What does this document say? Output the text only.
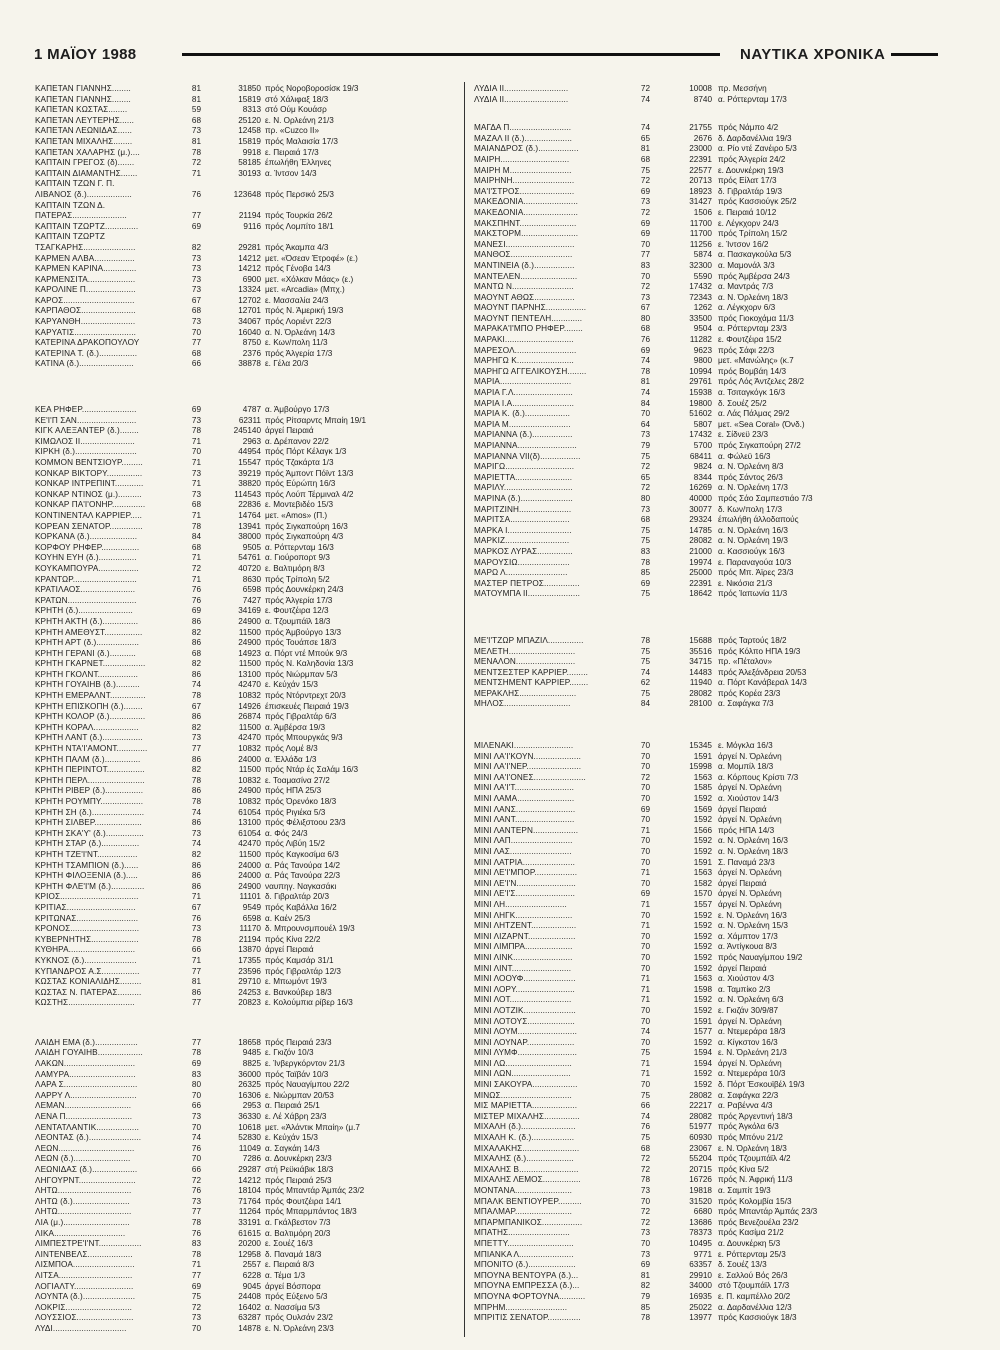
1 ΜΑΪΟΥ 1988	ΝΑΥΤΙΚΑ ΧΡΟΝΙΚΑ
ΚΑΠΕΤΑΝ ΓΙΑΝΝΗΣ........	81	31850 πρός Νοροβοροσίσκ 19/3
ΚΑΠΕΤΑΝ ΓΙΑΝΝΗΣ........	81	15819 στό Χάλιφαξ 18/3
ΚΑΠΕΤΑΝ ΚΩΣΤΑΣ........	59	8313 στό Ούμ Κουάσρ
ΚΑΠΕΤΑΝ ΛΕΥΤΕΡΗΣ......	68	25120 ε. Ν. Ορλεάνη 21/3
ΚΑΠΕΤΑΝ ΛΕΩΝΙΔΑΣ......	73	12458 πρ. «Cuzco II»
ΚΑΠΕΤΑΝ ΜΙΧΑΛΗΣ........	81	15819 πρός Μαλαισία 17/3
ΚΑΠΕΤΑΝ ΧΑΛΑΡΗΣ (μ.)....	78	9918 ε. Πειραιά 17/3
ΚΑΠΤΑΙΝ ΓΡΕΓΟΣ (δ).......	72	58185 έπωλήθη Έλληνες
ΚΑΠΤΑΙΝ ΔΙΑΜΑΝΤΗΣ.......	71	30193 α. Ίντσον 14/3
ΚΑΠΤΑΙΝ ΤΖΩΝ Γ. Π.
ΛΙΒΑΝΟΣ (δ.)...................	76	123648 πρός Περσικό 25/3
ΚΑΠΤΑΙΝ ΤΖΩΝ Δ.
ΠΑΤΕΡΑΣ.......................	77	21194 πρός Τουρκία 26/2
ΚΑΠΤΑΙΝ ΤΖΩΡΤΖ..............	69	9116 πρός Λομπίτο 18/1
ΚΑΠΤΑΙΝ ΤΖΩΡΤΖ
ΤΣΑΓΚΑΡΗΣ......................	82	29281 πρός Άκαμπα 4/3
ΚΑΡΜΕΝ ΑΛΒΑ.................	73	14212 μετ. «Όσεαν Έτροφέ» (ε.)
ΚΑΡΜΕΝ ΚΑΡΙΝΑ..............	73	14212 πρός Γένοβα 14/3
ΚΑΡΜΕΝΣΙΤΑ....................	73	6900 μετ. «Χόλκαν Μάας» (ε.)
ΚΑΡΟΛΙΝΕ Π.....................	73	13324 μετ. «Arcadia» (Μπχ.)
ΚΑΡΟΣ..............................	67	12702 ε. Μασσαλία 24/3
ΚΑΡΠΑΘΟΣ.......................	68	12701 πρός Ν. Άμερική 19/3
ΚΑΡΥΑΝΘΗ.......................	73	34067 πρός Λοριέντ 22/3
ΚΑΡΥΑΤΙΣ..........................	70	16040 α. Ν. Όρλεάνη 14/3
ΚΑΤΕΡΙΝΑ ΔΡΑΚΟΠΟΥΛΟΥ	77	8750 ε. Κων/πολη 11/3
ΚΑΤΕΡΙΝΑ Τ. (δ.)................	68	2376 πρός Άλγερία 17/3
ΚΑΤΙΝΑ (δ.).......................	66	38878 ε. Γέλα 20/3
ΚΕΑ ΡΗΦΕΡ.......................	69	4787 α. Άμβούργο 17/3
ΚΕ'Ι'Π ΣΑΝ.........................	73	62311 πρός Ρίτσαρντς Μπαίη 19/1
ΚΙΓΚ ΑΛΕΞΑΝΤΕΡ (δ.)........	78	245140 άργεί Πειραιά
ΚΙΜΩΛΟΣ ΙΙ.......................	71	2963 α. Δρέπανον 22/2
ΚΙΡΚΗ (δ.)..........................	70	44954 πρός Πόρτ Κέλαγκ 1/3
ΚΟΜΜΟΝ ΒΕΝΤΣΙΟΥΡ.........	71	15547 πρός Τζακάρτα 1/3
ΚΟΝΚΑΡ ΒΙΚΤΟΡΥ...............	73	39219 πρός Άμποντ Πόϊντ 13/3
ΚΟΝΚΑΡ ΙΝΤΡΕΠΙΝΤ............	71	38820 πρός Εύρώπη 16/3
ΚΟΝΚΑΡ ΝΤΙΝΟΣ (μ.)..........	73	114543 πρός Λούπ Τέρμιναλ 4/2
ΚΟΝΚΑΡ ΠΑ'Ι'ΟΝΗΡ..............	68	22836 ε. Μοντεβιδέο 15/3
ΚΟΝΤΙΝΕΝΤΑΛ ΚΑΡΡΙΕΡ.....	71	14764 μετ. «Amos» (Π.)
ΚΟΡΕΑΝ ΣΕΝΑΤΟΡ..............	78	13941 πρός Σιγκαπούρη 16/3
ΚΟΡΚΑΝΑ (δ.)....................	84	38000 πρός Σιγκαπούρη 4/3
ΚΟΡΦΟΥ ΡΗΦΕΡ................	68	9505 α. Ρόττερνταμ 16/3
ΚΟΥΗΝ ΕΥΗ (δ.)................	71	54761 α. Γιούροπορτ 9/3
ΚΟΥΚΑΜΠΟΥΡΑ.................	72	40720 ε. Βαλτιμόρη 8/3
ΚΡΑΝΤΩΡ...........................	71	8630 πρός Τρίπολη 5/2
ΚΡΑΤΙΛΑΟΣ.......................	76	6598 πρός Δουνκέρκη 24/3
ΚΡΑΤΩΝ.............................	76	7427 πρός Άλγερία 17/3
ΚΡΗΤΗ (δ.).......................	69	34169 ε. Φουτζέιρα 12/3
ΚΡΗΤΗ ΑΚΤΗ (δ.)...............	86	24900 α. Τζουμπάϊλ 18/3
ΚΡΗΤΗ ΑΜΕΘΥΣΤ................	82	11500 πρός Άμβούργο 13/3
ΚΡΗΤΗ ΑΡΤ (δ.)..................	86	24900 πρός Τουάπσε 18/3
ΚΡΗΤΗ ΓΕΡΑΝΙ (δ.)...........	68	14923 α. Πόρτ ντέ Μπούκ 9/3
ΚΡΗΤΗ ΓΚΑΡΝΕΤ..................	82	11500 πρός Ν. Καληδονία 13/3
ΚΡΗΤΗ ΓΚΟΛΝΤ.................	86	13100 πρός Νιώρμπαν 5/3
ΚΡΗΤΗ ΓΟΥΑΙΗΒ (δ.)..........	74	42470 ε. Κεύχάν 15/3
ΚΡΗΤΗ ΕΜΕΡΑΛΝΤ...............	78	10832 πρός Ντόρντρεχτ 20/3
ΚΡΗΤΗ ΕΠΙΣΚΟΠΗ (δ.)........	67	14926 έπισκευές Πειραιά 19/3
ΚΡΗΤΗ ΚΟΛΟΡ (δ.)...............	86	26874 πρός Γιβραλτάρ 6/3
ΚΡΗΤΗ ΚΟΡΑΛ...................	82	11500 α. Άμβέρσα 19/3
ΚΡΗΤΗ ΛΑΝΤ (δ.).................	73	42470 πρός Μπουργκάς 9/3
ΚΡΗΤΗ ΝΤΑ'Ι'ΑΜΟΝΤ.............	77	10832 πρός Λομέ 8/3
ΚΡΗΤΗ ΠΑΛΜ (δ.)...............	86	24000 α. Έλλάδα 1/3
ΚΡΗΤΗ ΠΕΡΙΝΤΟΤ................	82	11500 πρός Ντάρ ές Σαλάμ 16/3
ΚΡΗΤΗ ΠΕΡΛ........................	78	10832 ε. Τοαμασίνα 27/2
ΚΡΗΤΗ ΡΙΒΕΡ (δ.)................	86	24900 πρός ΗΠΑ 25/3
ΚΡΗΤΗ ΡΟΥΜΠΥ..................	78	10832 πρός Όρενόκο 18/3
ΚΡΗΤΗ ΣΗ (δ.)......................	74	61054 πρός Ριγιέκα 5/3
ΚΡΗΤΗ ΣΙΛΒΕΡ....................	86	13100 πρός Φέλιξστοου 23/3
ΚΡΗΤΗ ΣΚΑ'Υ' (δ.)................	73	61054 α. Φός 24/3
ΚΡΗΤΗ ΣΤΑΡ (δ.)................	74	42470 πρός Λιβύη 15/2
ΚΡΗΤΗ ΤΖΕ'Ι'ΝΤ.................	82	11500 πρός Καγκοσίμα 6/3
ΚΡΗΤΗ ΤΣΑΜΠΙΟΝ (δ.)......	86	24000 α. Ράς Τανούρα 14/2
ΚΡΗΤΗ ΦΙΛΟΞΕΝΙΑ (δ.).....	86	24000 α. Ράς Τανούρα 22/3
ΚΡΗΤΗ ΦΛΕ'Ι'Μ (δ.)..............	86	24900 ναυπηγ. Ναγκασάκι
ΚΡΙΟΣ.................................	71	11101 δ. Γιβραλτάρ 20/3
ΚΡΙΤΙΑΣ.............................	67	9549 πρός Καβάλλα 16/2
ΚΡΙΤΩΝΑΣ..........................	76	6598 α. Καέν 25/3
ΚΡΟΝΟΣ.............................	73	11170 δ. Μπρουνσμπουέλ 19/3
ΚΥΒΕΡΝΗΤΗΣ....................	78	21194 πρός Κίνα 22/2
ΚΥΘΗΡΑ............................	66	13870 άργεί Πειραιά
ΚΥΚΝΟΣ (δ.)......................	71	17355 πρός Καμσάρ 31/1
ΚΥΠΑΝΔΡΟΣ Α.Σ................	77	23596 πρός Γιβραλτάρ 12/3
ΚΩΣΤΑΣ ΚΟΝΙΑΛΙΔΗΣ.........	81	29710 ε. Μπωμόντ 19/3
ΚΩΣΤΑΣ Ν. ΠΑΤΕΡΑΣ..........	86	24253 ε. Βανκούβερ 18/3
ΚΩΣΤΗΣ............................	77	20823 ε. Κολούμπια ρίβερ 16/3
ΛΑΙΔΗ ΕΜΑ (δ.)..................	77	18658 πρός Πειραιά 23/3
ΛΑΙΔΗ ΓΟΥΑΙΗΒ...................	78	9485 ε. Γκιζόν 10/3
ΛΑΚΩΝ..............................	69	8825 ε. Ίνβεργκόρντον 21/3
ΛΑΜΥΡΑ............................	83	36000 πρός Ταϊβάν 10/3
ΛΑΡΑ Σ...............................	80	26325 πρός Ναυαγίμπου 22/2
ΛΑΡΡΥ Λ............................	70	16306 ε. Νιώρμπαν 20/53
ΛΕΜΑΝ............................	66	2953 α. Πειραιά 25/1
ΛΕΝΑ Π............................	73	36330 ε. Λέ Χάβρη 23/3
ΛΕΝΤΑΤΛΑΝΤΙΚ..................	70	10618 μετ. «Άλάντικ Μπαίη» (μ.7
ΛΕΟΝΤΑΣ (δ.)......................	74	52830 ε. Κεύχάν 15/3
ΛΕΩΝ................................	76	11049 α. Σαγκάη 14/3
ΛΕΩΝ (δ.)........................	70	7286 α. Δουνκέρκη 23/3
ΛΕΩΝΙΔΑΣ (δ.)...................	66	29287 στή Ρεϋκιάβικ 18/3
ΛΗΓΟΥΡΝΤ........................	72	14212 πρός Πειραιά 25/3
ΛΗΤΩ...............................	76	18104 πρός Μπαντάρ Άμπάς 23/2
ΛΗΤΩ (δ.)........................	73	71764 πρός Φουτζέιρα 14/1
ΛΗΤΩ...............................	77	11264 πρός Μπαρμπάντος 18/3
ΛΙΑ (μ.)............................	78	33191 α. Γκάλβεστον 7/3
ΛΙΚΑ..............................	76	61615 α. Βαλτιμόρη 20/3
ΛΙΜΠΕΣΤΡΕ'Ι'ΝΤ..................	83	20200 ε. Σουέζ 16/3
ΛΙΝΤΕΝΒΕΛΣ...................	78	12958 δ. Παναμά 18/3
ΛΙΣΜΠΟΑ..........................	71	2557 ε. Πειραιά 8/3
ΛΙΤΣΑ...............................	77	6228 α. Τέμα 1/3
ΛΟΓΙΑΛΤΥ.........................	69	9045 άργεί Βόσπορα
ΛΟΥΝΤΑ (δ.)......................	75	24408 πρός Εύξεινο 5/3
ΛΟΚΡΙΣ............................	72	16402 α. Νασσίμα 5/3
ΛΟΥΣΣΙΟΣ........................	73	63287 πρός Ουλσάν 23/2
ΛΥΔΙ...............................	70	14878 ε. Ν. Όρλεάνη 23/3
ΛΥΔΙΑ ΙΙ...........................	72	10008 πρ. Μεσσήνη
ΛΥΔΙΑ ΙΙ...........................	74	8740 α. Ρόττερνταμ 17/3
ΜΑΓΔΑ Π..........................	74	21755 πρός Νάμπο 4/2
ΜΑΖΑΛ ΙΙ (δ.)....................	65	2676 δ. Δαρδανέλλια 19/3
ΜΑΙΑΝΔΡΟΣ (δ.).................	81	23000 α. Ρίο ντέ Ζανέιρο 5/3
ΜΑΙΡΗ.............................	68	22391 πρός Άλγερία 24/2
ΜΑΙΡΗ Μ..........................	75	22577 ε. Δουνκέρκη 19/3
ΜΑΙΡΗΝΗ..........................	72	20713 πρός Είλατ 17/3
ΜΑ'Ι'ΣΤΡΟΣ.......................	69	18923 δ. Γιβραλτάρ 19/3
ΜΑΚΕΔΟΝΙΑ.......................	73	31427 πρός Κασσιούγκ 25/2
ΜΑΚΕΔΟΝΙΑ.......................	72	1506 ε. Πειραιά 10/12
ΜΑΚΣΠΗΝΤ........................	69	11700 ε. Λέγκχορν 24/3
ΜΑΚΣΤΟΡΜ........................	69	11700 πρός Τρίπολη 15/2
ΜΑΝΕΣΙ.............................	70	11256 ε. Ίντσον 16/2
ΜΑΝΘΟΣ..........................	77	5874 α. Πασκαγκούλα 5/3
ΜΑΝΤΙΝΕΙΑ (δ.).................	83	32300 α. Μαμονάλ 3/3
ΜΑΝΤΕΛΕΝ........................	70	5590 πρός Άμβέρσα 24/3
ΜΑΝΤΩ Ν..........................	72	17432 α. Μαντράς 7/3
ΜΑΟΥΝΤ ΑΘΩΣ.................	73	72343 α. Ν. Όρλεάνη 18/3
ΜΑΟΥΝΤ ΠΑΡΝΗΣ.................	67	1262 α. Λέγκχορν 6/3
ΜΑΟΥΝΤ ΠΕΝΤΕΛΗ.............	80	33500 πρός Γιοκοχάμα 11/3
ΜΑΡΑΚΑ'Ι'ΜΠΟ ΡΗΦΕΡ........	68	9504 α. Ρόττερνταμ 23/3
ΜΑΡΑΚΙ.............................	76	11282 ε. Φουτζέιρα 15/2
ΜΑΡΕΣΟΛ..........................	69	9623 πρός Σάφι 22/3
ΜΑΡΗΓΩ Κ........................	74	9800 μετ. «Μανώλης» (κ.7
ΜΑΡΗΓΩ ΑΓΓΕΛΙΚΟΥΣΗ........	78	10994 πρός Βομβάη 14/3
ΜΑΡΙΑ..............................	81	29761 πρός Λός Άντζελες 28/2
ΜΑΡΙΑ Γ.Λ.........................	74	15938 α. Τσιταγκόγκ 16/3
ΜΑΡΙΑ Ι.Α..........................	84	19800 δ. Σουέζ 25/2
ΜΑΡΙΑ Κ. (δ.)...................	70	51602 α. Λάς Πάλμας 29/2
ΜΑΡΙΑ Μ..........................	64	5807 μετ. «Sea Coral» (Όνδ.)
ΜΑΡΙΑΝΝΑ (δ.).................	73	17432 ε. Σίδνεϋ 23/3
ΜΑΡΙΑΝΝΑ.........................	79	5700 πρός Σιγκαπούρη 27/2
ΜΑΡΙΑΝΝΑ VII(δ).................	75	68411 α. Φώλεϋ 16/3
ΜΑΡΙΓΩ.............................	72	9824 α. Ν. Όρλεάνη 8/3
ΜΑΡΙΕΤΤΑ........................	65	8344 πρός Σάντος 26/3
ΜΑΡΙΛΥ.............................	72	16269 α. Ν. Όρλεάνη 17/3
ΜΑΡΙΝΑ (δ.)......................	80	40000 πρός Σάο Σαμπεστιάο 7/3
ΜΑΡΙΤΖΙΝΗ......................	73	30077 δ. Κων/πολη 17/3
ΜΑΡΙΤΣΑ.........................	68	29324 έπωλήθη άλλοδαπούς
ΜΑΡΚΑ Ι...........................	75	14785 α. Ν. Όρλεάνη 16/3
ΜΑΡΚΙΖ...........................	75	28082 α. Ν. Όρλεάνη 19/3
ΜΑΡΚΟΣ ΛΥΡΑΣ...............	83	21000 α. Κασσιούγκ 16/3
ΜΑΡΟΥΣΙΩ......................	78	19974 ε. Παραναγούα 10/3
ΜΑΡΩ Λ..........................	85	25000 πρός Μπ. Άϊρες 23/3
ΜΑΣΤΕΡ ΠΕΤΡΟΣ...............	69	22391 ε. Νικόσια 21/3
ΜΑΤΟΥΜΠΑ ΙΙ......................	75	18642 πρός Ίαπωνία 11/3
ΜΕ'Ι'ΤΖΩΡ ΜΠΑΖΙΛ...............	78	15688 πρός Ταρτούς 18/2
ΜΕΛΕΤΗ............................	75	35516 πρός Κόλπο ΗΠΑ 19/3
ΜΕΝΑΛΟΝ.........................	75	34715 πρ. «Πέταλον»
ΜΕΝΤΣΕΣΤΕΡ ΚΑΡΡΙΕΡ.........	74	14483 πρός Άλεξάνδρεια 20/53
ΜΕΝΤΣΗΜΕΝΤ ΚΑΡΡΙΕΡ........	62	11940 α. Πόρτ Κανάβεραλ 14/3
ΜΕΡΑΚΛΗΣ........................	75	28082 πρός Κορέα 23/3
ΜΗΛΟΣ............................	84	28100 α. Σαφάγκα 7/3
ΜΙΛΕΝΑΚΙ.........................	70	15345 ε. Μόγκλα 16/3
ΜΙΝΙ ΛΑ'Ι'ΚΟΥΝ....................	70	1591 άργεί Ν. Όρλεάνη
ΜΙΝΙ ΛΑ'Ι'ΝΕΡ.......................	70	15998 α. Μομπίλ 18/3
ΜΙΝΙ ΛΑ'Ι'ΟΝΕΣ......................	72	1563 α. Κόρπους Κρίστι 7/3
ΜΙΝΙ ΛΑ'Ι'Τ.........................	70	1585 άργεί Ν. Όρλεάνη
ΜΙΝΙ ΛΑΜΑ........................	70	1592 α. Χιούστον 14/3
ΜΙΝΙ ΛΑΝΣ.........................	69	1569 άργεί Πειραιά
ΜΙΝΙ ΛΑΝΤ.........................	70	1592 άργεί Ν. Όρλεάνη
ΜΙΝΙ ΛΑΝΤΕΡΝ...................	71	1566 πρός ΗΠΑ 14/3
ΜΙΝΙ ΛΑΠ..........................	70	1592 α. Ν. Όρλεάνη 16/3
ΜΙΝΙ ΛΑΣ..........................	70	1592 α. Ν. Όρλεάνη 18/3
ΜΙΝΙ ΛΑΤΡΙΑ......................	70	1591 Σ. Παναμά 23/3
ΜΙΝΙ ΛΕ'Ι'ΜΠΟΡ..................	71	1563 άργεί Ν. Όρλεάνη
ΜΙΝΙ ΛΕ'Ι'Ν.........................	70	1582 άργεί Πειραιά
ΜΙΝΙ ΛΕ'Ι'Σ.........................	69	1570 άργεί Ν. Όρλεάνη
ΜΙΝΙ ΛΗ..........................	71	1557 άργεί Ν. Όρλεάνη
ΜΙΝΙ ΛΗΓΚ........................	70	1592 ε. Ν. Όρλεάνη 16/3
ΜΙΝΙ ΛΗΤΖΕΝΤ...................	71	1592 α. Ν. Όρλεάνη 15/3
ΜΙΝΙ ΛΙΖΑΡΝΤ....................	70	1592 α. Χάμπτον 17/3
ΜΙΝΙ ΛΙΜΠΡΑ....................	70	1592 α. Άντίγκουα 8/3
ΜΙΝΙ ΛΙΝΚ.........................	70	1592 πρός Ναυαγίμπου 19/2
ΜΙΝΙ ΛΙΝΤ.........................	70	1592 άργεί Πειραιά
ΜΙΝΙ ΛΟΟΥΦ......................	71	1563 α. Χιούστον 4/3
ΜΙΝΙ ΛΟΡΥ.........................	71	1598 α. Ταμπίκο 2/3
ΜΙΝΙ ΛΟΤ..........................	71	1592 α. Ν. Όρλεάνη 6/3
ΜΙΝΙ ΛΟΤΖΙΚ......................	70	1592 ε. Γκιζάν 30/9/87
ΜΙΝΙ ΛΟΤΟΥΣ....................	70	1591 άργεί Ν. Όρλεάνη
ΜΙΝΙ ΛΟΥΜ.........................	74	1577 α. Ντεμεράρα 18/3
ΜΙΝΙ ΛΟΥΝΑΡ....................	70	1592 α. Κίγκστον 16/3
ΜΙΝΙ ΛΥΜΦ.........................	75	1594 ε. Ν. Όρλεάνη 21/3
ΜΙΝΙ ΛΩ............................	71	1594 άργεί Ν. Όρλεάνη
ΜΙΝΙ ΛΩΝ.........................	71	1592 α. Ντεμεράρα 10/3
ΜΙΝΙ ΣΑΚΟΥΡΑ...................	70	1592 δ. Πόρτ Έσκουϊβέλ 19/3
ΜΙΝΩΣ..............................	75	28082 α. Σαφάγκα 22/3
ΜΙΣ ΜΑΡΙΕΤΤΑ...................	66	22217 α. Ραβέννα 4/3
ΜΙΣΤΕΡ ΜΙΧΑΛΗΣ...............	74	28082 πρός Άργεντινή 18/3
ΜΙΧΑΛΗ (δ.).......................	76	51977 πρός Άγκόλα 6/3
ΜΙΧΑΛΗ Κ. (δ.)..................	75	60930 πρός Μπόνυ 21/2
ΜΙΧΑΛΑΚΗΣ........................	68	23067 ε. Ν. Όρλεάνη 18/3
ΜΙΧΑΛΗΣ (δ.)....................	72	55204 πρός Τζουμπάϊλ 4/2
ΜΙΧΑΛΗΣ Β.........................	72	20715 πρός Κίνα 5/2
ΜΙΧΑΛΗΣ ΛΕΜΟΣ................	78	16726 πρός Ν. Άφρική 11/3
ΜΟΝΤΑΝΑ........................	73	19818 α. Σαμπίτ 19/3
ΜΠΑΛΚ ΒΕΝΤΙΟΥΡΕΡ..........	70	31520 πρός Κολομβία 15/3
ΜΠΑΛΜΑΡ........................	72	6680 πρός Μπαντάρ Άμπάς 23/3
ΜΠΑΡΜΠΑΝΙΚΟΣ.................	72	13686 πρός Βενεζουέλα 23/2
ΜΠΑΤΗΣ..........................	73	78373 πρός Κασίμα 21/2
ΜΠΕΤΤΥ............................	70	10495 α. Δουνκέρκη 5/3
ΜΠΙΑΝΚΑ Λ.......................	73	9771 ε. Ρόττερνταμ 25/3
ΜΠΟΝΙΤΟ (δ.)....................	69	63357 δ. Σουέζ 13/3
ΜΠΟΥΝΑ ΒΕΝΤΟΥΡΑ (δ.)...	81	29910 ε. Σαλλού Βός 26/3
ΜΠΟΥΝΑ ΕΜΠΡΕΣΣΑ (δ.)...	82	34000 στό Τζουμπάϊλ 17/3
ΜΠΟΥΝΑ ΦΟΡΤΟΥΝΑ...........	79	16935 ε. Π. καμπέλλο 20/2
ΜΠΡΗΜ..........................	85	25022 α. Δαρδανέλλια 12/3
ΜΠΡΙΤΙΣ ΣΕΝΑΤΟΡ..............	78	13977 πρός Κασσιούγκ 18/3
